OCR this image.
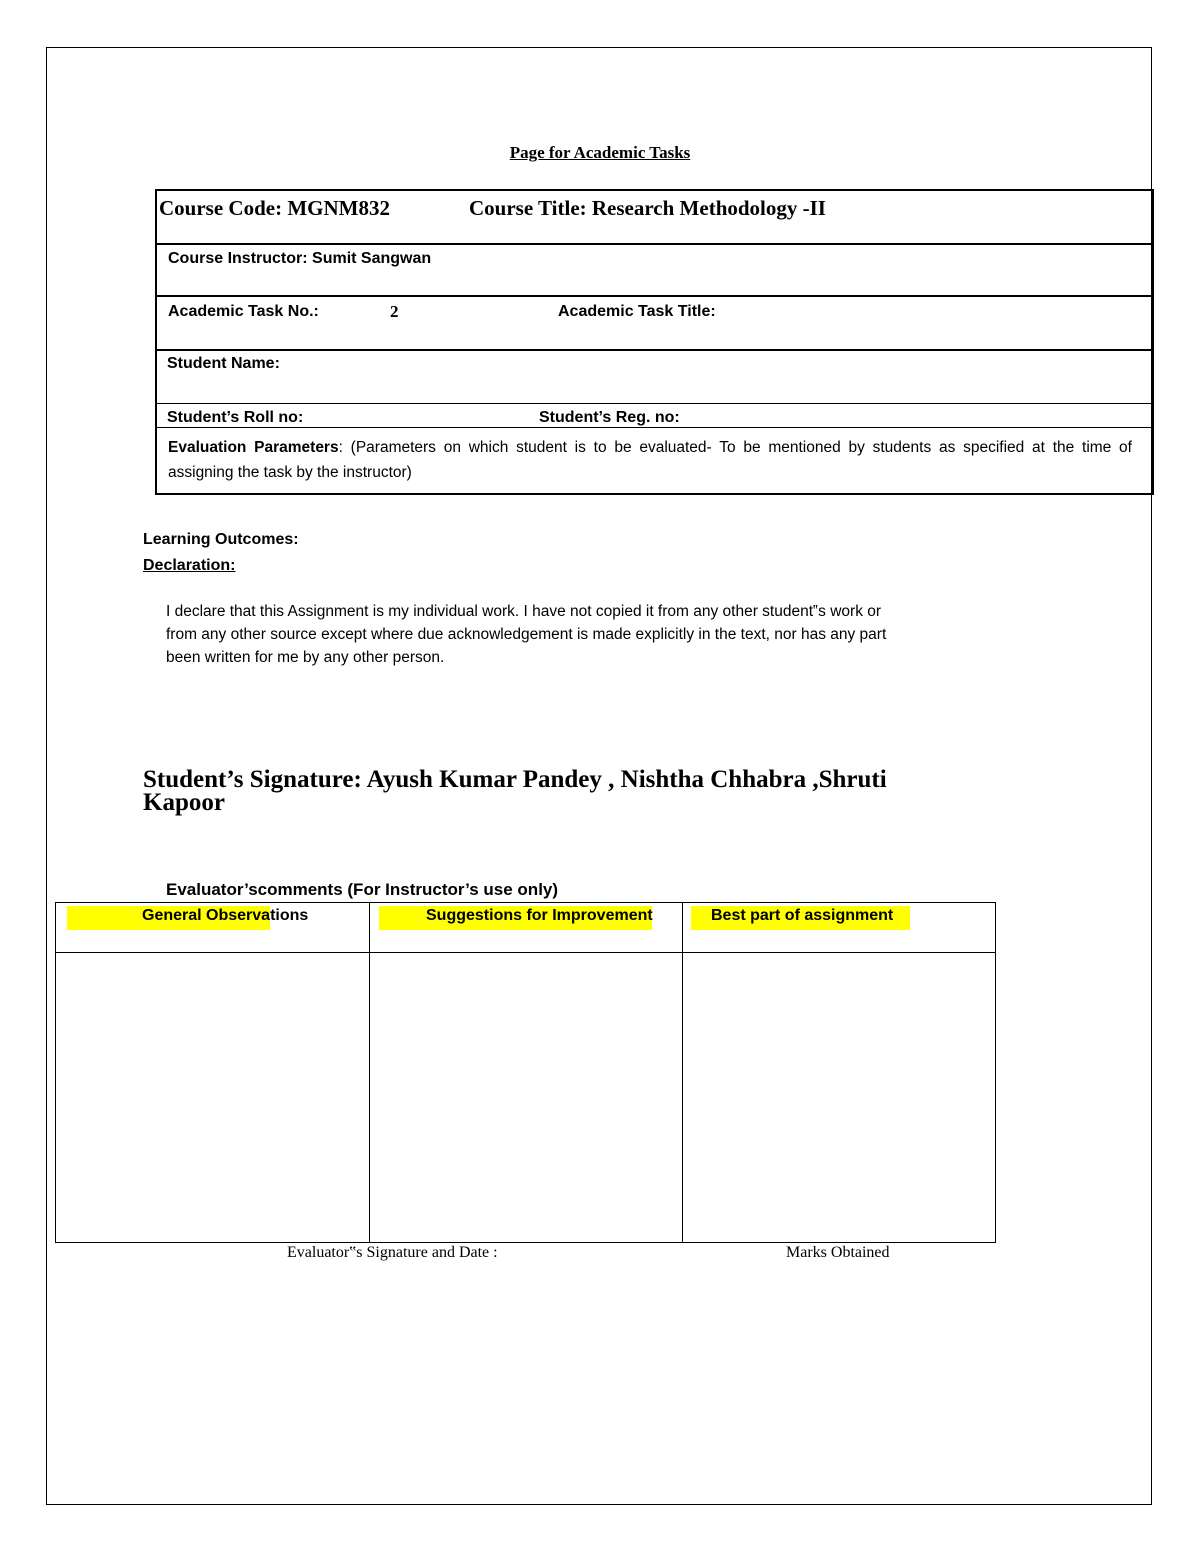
Page for Academic Tasks
Course Code: MGNM832	Course Title: Research Methodology -II
Course Instructor: Sumit Sangwan
Academic Task No.:	2	Academic Task Title:
Student Name:
Student’s Roll no:	Student’s Reg. no:
Evaluation Parameters: (Parameters on which student is to be evaluated- To be mentioned by students as specified at the time of assigning the task by the instructor)
Learning Outcomes:
Declaration:
I declare that this Assignment is my individual work. I have not copied it from any other student‟s work or
from any other source except where due acknowledgement is made explicitly in the text, nor has any part
been written for me by any other person.
Student’s Signature: Ayush Kumar Pandey , Nishtha Chhabra ,Shruti
Kapoor
Evaluator’scomments (For Instructor’s use only)
General Observations	Suggestions for Improvement	Best part of assignment
Evaluator‟s Signature and Date :	Marks Obtained
